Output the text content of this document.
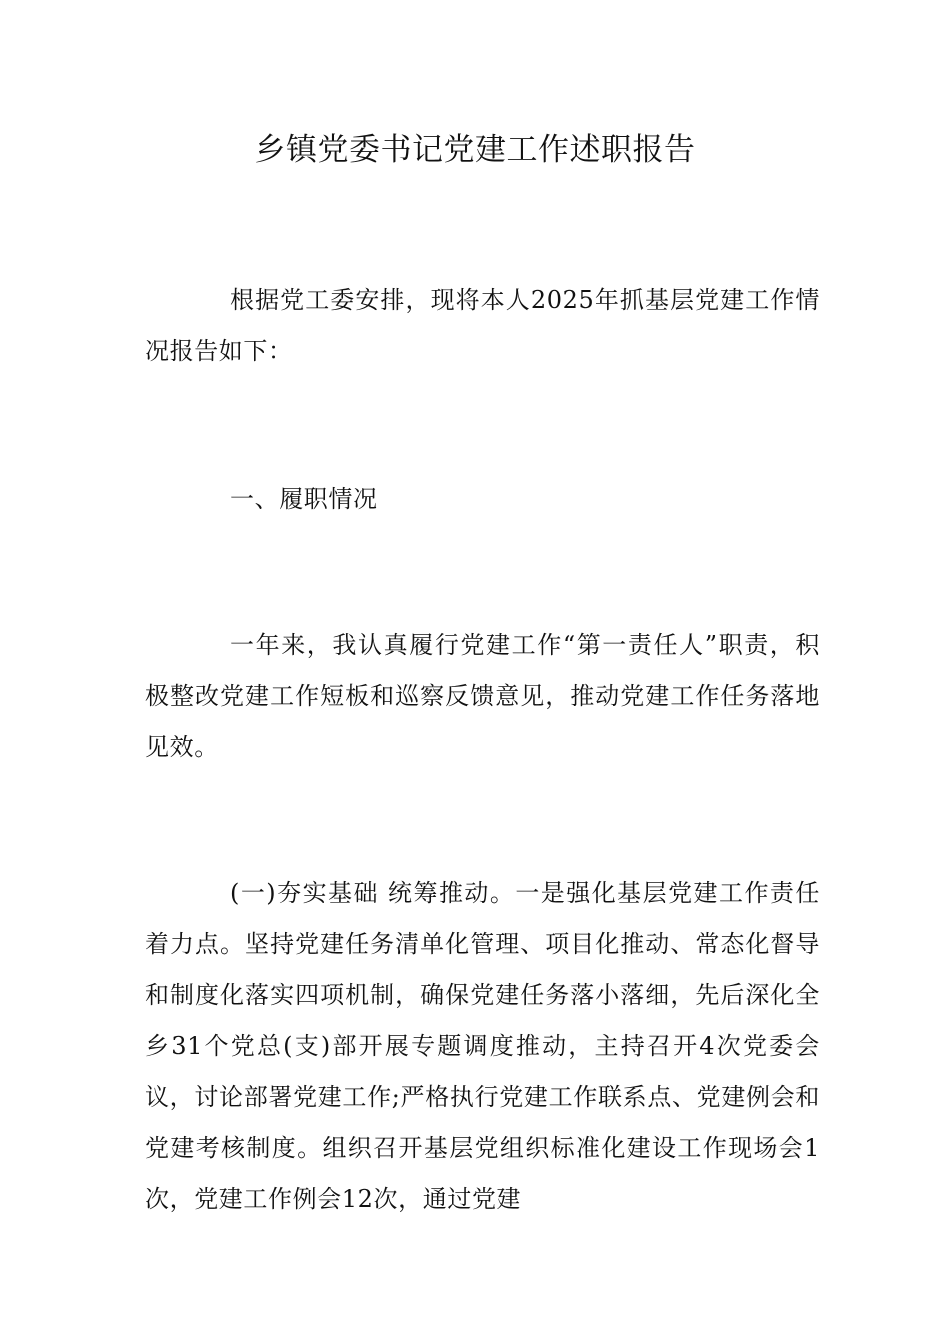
乡镇党委书记党建工作述职报告

根据党工委安排，现将本人2025年抓基层党建工作情况报告如下：

一、履职情况

一年来，我认真履行党建工作“第一责任人”职责，积极整改党建工作短板和巡察反馈意见，推动党建工作任务落地见效。

(一)夯实基础 统筹推动。一是强化基层党建工作责任着力点。坚持党建任务清单化管理、项目化推动、常态化督导和制度化落实四项机制，确保党建任务落小落细，先后深化全乡31个党总(支)部开展专题调度推动，主持召开4次党委会议，讨论部署党建工作;严格执行党建工作联系点、党建例会和党建考核制度。组织召开基层党组织标准化建设工作现场会1次，党建工作例会12次，通过党建
